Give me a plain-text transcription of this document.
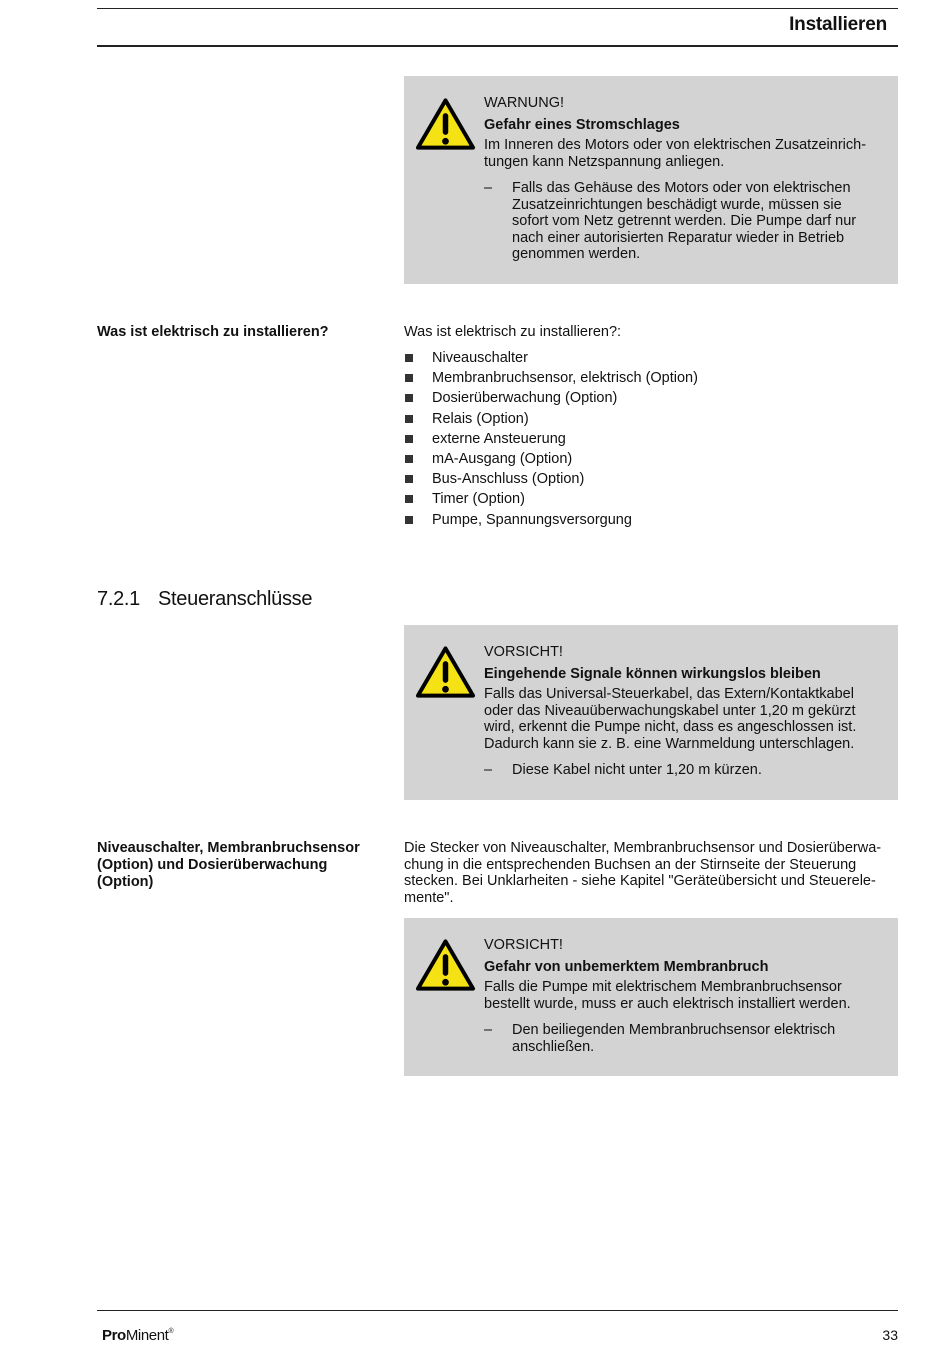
Installieren
WARNUNG!
Gefahr eines Stromschlages
Im Inneren des Motors oder von elektrischen Zusatzeinrichtungen kann Netzspannung anliegen.
– Falls das Gehäuse des Motors oder von elektrischen Zusatzeinrichtungen beschädigt wurde, müssen sie sofort vom Netz getrennt werden. Die Pumpe darf nur nach einer autorisierten Reparatur wieder in Betrieb genommen werden.
Was ist elektrisch zu installieren?	Was ist elektrisch zu installieren?:
Niveauschalter
Membranbruchsensor, elektrisch (Option)
Dosierüberwachung (Option)
Relais (Option)
externe Ansteuerung
mA-Ausgang (Option)
Bus-Anschluss (Option)
Timer (Option)
Pumpe, Spannungsversorgung
7.2.1 Steueranschlüsse
VORSICHT!
Eingehende Signale können wirkungslos bleiben
Falls das Universal-Steuerkabel, das Extern/Kontaktkabel oder das Niveauüberwachungskabel unter 1,20 m gekürzt wird, erkennt die Pumpe nicht, dass es angeschlossen ist. Dadurch kann sie z. B. eine Warnmeldung unterschlagen.
– Diese Kabel nicht unter 1,20 m kürzen.
Niveauschalter, Membranbruchsensor (Option) und Dosierüberwachung (Option)
Die Stecker von Niveauschalter, Membranbruchsensor und Dosierüberwachung in die entsprechenden Buchsen an der Stirnseite der Steuerung stecken. Bei Unklarheiten - siehe Kapitel "Geräteübersicht und Steuerelemente".
VORSICHT!
Gefahr von unbemerktem Membranbruch
Falls die Pumpe mit elektrischem Membranbruchsensor bestellt wurde, muss er auch elektrisch installiert werden.
– Den beiliegenden Membranbruchsensor elektrisch anschließen.
ProMinent®	33
